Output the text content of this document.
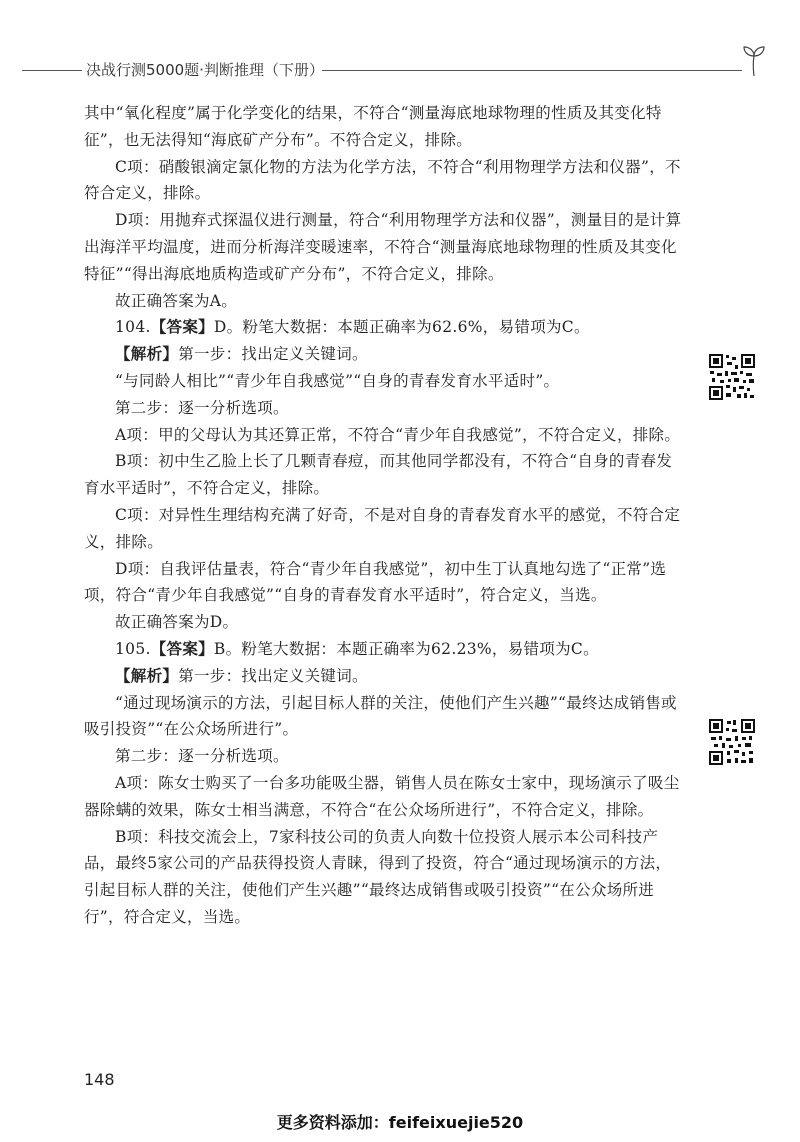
决战行测5000题·判断推理（下册）

其中“氧化程度”属于化学变化的结果，不符合“测量海底地球物理的性质及其变化特征”，也无法得知“海底矿产分布”。不符合定义，排除。

C项：硝酸银滴定氯化物的方法为化学方法，不符合“利用物理学方法和仪器”，不符合定义，排除。

D项：用抛弃式探温仪进行测量，符合“利用物理学方法和仪器”，测量目的是计算出海洋平均温度，进而分析海洋变暖速率，不符合“测量海底地球物理的性质及其变化特征”“得出海底地质构造或矿产分布”，不符合定义，排除。

故正确答案为A。

104.【答案】D。粉笔大数据：本题正确率为62.6%，易错项为C。

【解析】第一步：找出定义关键词。

“与同龄人相比”“青少年自我感觉”“自身的青春发育水平适时”。

第二步：逐一分析选项。

A项：甲的父母认为其还算正常，不符合“青少年自我感觉”，不符合定义，排除。

B项：初中生乙脸上长了几颗青春痘，而其他同学都没有，不符合“自身的青春发育水平适时”，不符合定义，排除。

C项：对异性生理结构充满了好奇，不是对自身的青春发育水平的感觉，不符合定义，排除。

D项：自我评估量表，符合“青少年自我感觉”，初中生丁认真地勾选了“正常”选项，符合“青少年自我感觉”“自身的青春发育水平适时”，符合定义，当选。

故正确答案为D。

105.【答案】B。粉笔大数据：本题正确率为62.23%，易错项为C。

【解析】第一步：找出定义关键词。

“通过现场演示的方法，引起目标人群的关注，使他们产生兴趣”“最终达成销售或吸引投资”“在公众场所进行”。

第二步：逐一分析选项。

A项：陈女士购买了一台多功能吸尘器，销售人员在陈女士家中，现场演示了吸尘器除螨的效果，陈女士相当满意，不符合“在公众场所进行”，不符合定义，排除。

B项：科技交流会上，7家科技公司的负责人向数十位投资人展示本公司科技产品，最终5家公司的产品获得投资人青睐，得到了投资，符合“通过现场演示的方法，引起目标人群的关注，使他们产生兴趣”“最终达成销售或吸引投资”“在公众场所进行”，符合定义，当选。

148
更多资料添加：feifeixuejie520
